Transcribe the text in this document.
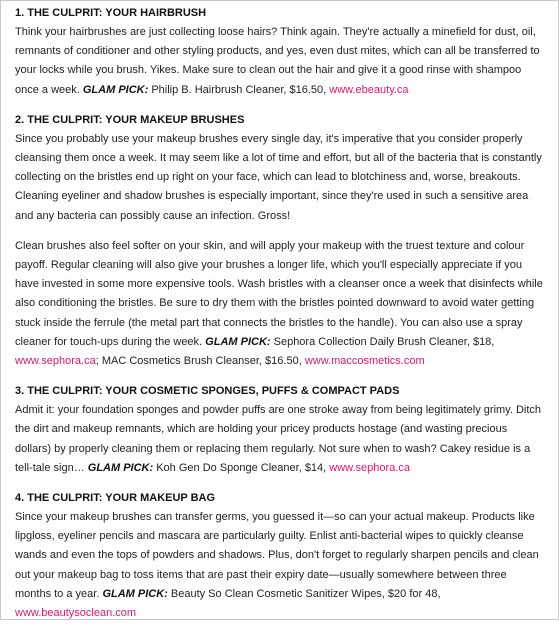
1. THE CULPRIT: YOUR HAIRBRUSH

Think your hairbrushes are just collecting loose hairs? Think again. They're actually a minefield for dust, oil, remnants of conditioner and other styling products, and yes, even dust mites, which can all be transferred to your locks while you brush. Yikes. Make sure to clean out the hair and give it a good rinse with shampoo once a week. GLAM PICK: Philip B. Hairbrush Cleaner, $16.50, www.ebeauty.ca

2. THE CULPRIT: YOUR MAKEUP BRUSHES

Since you probably use your makeup brushes every single day, it's imperative that you consider properly cleansing them once a week. It may seem like a lot of time and effort, but all of the bacteria that is constantly collecting on the bristles end up right on your face, which can lead to blotchiness and, worse, breakouts. Cleaning eyeliner and shadow brushes is especially important, since they're used in such a sensitive area and any bacteria can possibly cause an infection. Gross!

Clean brushes also feel softer on your skin, and will apply your makeup with the truest texture and colour payoff. Regular cleaning will also give your brushes a longer life, which you'll especially appreciate if you have invested in some more expensive tools. Wash bristles with a cleanser once a week that disinfects while also conditioning the bristles. Be sure to dry them with the bristles pointed downward to avoid water getting stuck inside the ferrule (the metal part that connects the bristles to the handle). You can also use a spray cleaner for touch-ups during the week. GLAM PICK: Sephora Collection Daily Brush Cleaner, $18, www.sephora.ca; MAC Cosmetics Brush Cleanser, $16.50, www.maccosmetics.com

3. THE CULPRIT: YOUR COSMETIC SPONGES, PUFFS & COMPACT PADS

Admit it: your foundation sponges and powder puffs are one stroke away from being legitimately grimy. Ditch the dirt and makeup remnants, which are holding your pricey products hostage (and wasting precious dollars) by properly cleaning them or replacing them regularly. Not sure when to wash? Cakey residue is a tell-tale sign… GLAM PICK: Koh Gen Do Sponge Cleaner, $14, www.sephora.ca

4. THE CULPRIT: YOUR MAKEUP BAG

Since your makeup brushes can transfer germs, you guessed it—so can your actual makeup. Products like lipgloss, eyeliner pencils and mascara are particularly guilty. Enlist anti-bacterial wipes to quickly cleanse wands and even the tops of powders and shadows. Plus, don't forget to regularly sharpen pencils and clean out your makeup bag to toss items that are past their expiry date—usually somewhere between three months to a year. GLAM PICK: Beauty So Clean Cosmetic Sanitizer Wipes, $20 for 48, www.beautysoclean.com
